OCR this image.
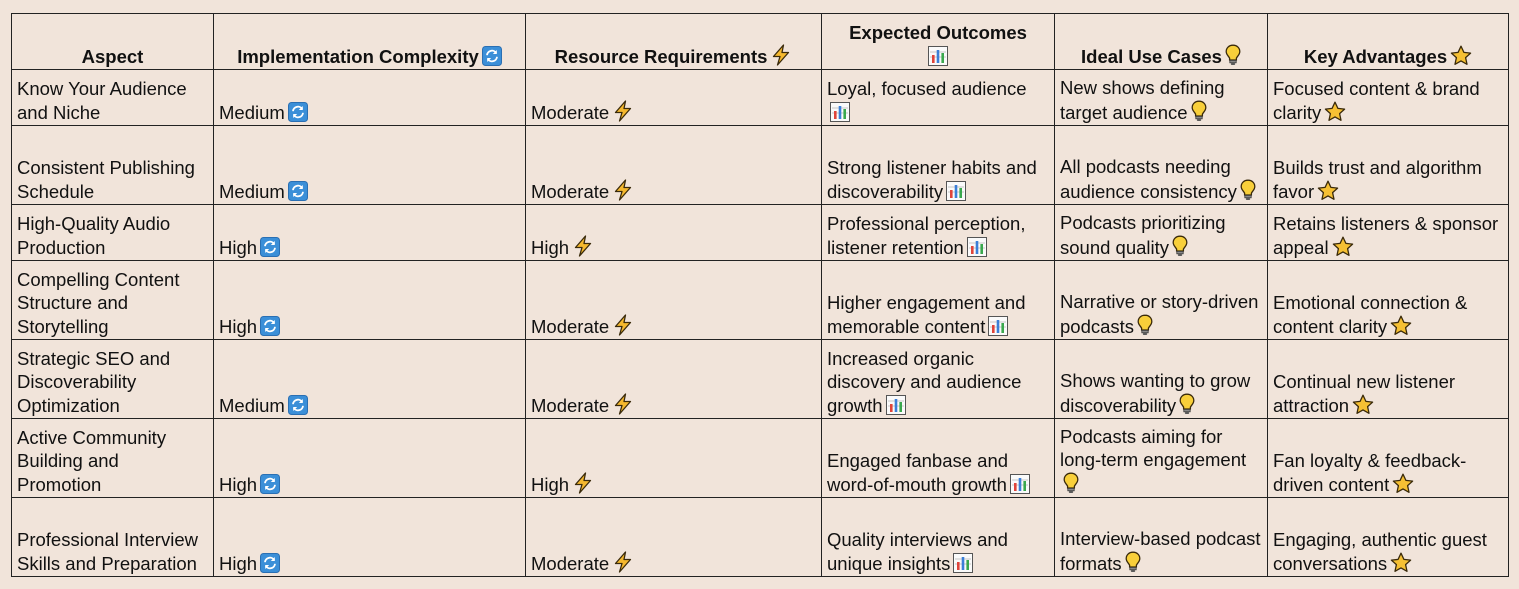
Aspect	Implementation Complexity	Resource Requirements	Expected Outcomes	Ideal Use Cases	Key Advantages

Know Your Audience and Niche	Medium	Moderate	Loyal, focused audience	New shows defining target audience	Focused content & brand clarity

Consistent Publishing Schedule	Medium	Moderate	Strong listener habits and discoverability	All podcasts needing audience consistency	Builds trust and algorithm favor

High-Quality Audio Production	High	High	Professional perception, listener retention	Podcasts prioritizing sound quality	Retains listeners & sponsor appeal

Compelling Content Structure and Storytelling	High	Moderate	Higher engagement and memorable content	Narrative or story-driven podcasts	Emotional connection & content clarity

Strategic SEO and Discoverability Optimization	Medium	Moderate	Increased organic discovery and audience growth	Shows wanting to grow discoverability	Continual new listener attraction

Active Community Building and Promotion	High	High	Engaged fanbase and word-of-mouth growth	Podcasts aiming for long-term engagement	Fan loyalty & feedback-driven content

Professional Interview Skills and Preparation	High	Moderate	Quality interviews and unique insights	Interview-based podcast formats	Engaging, authentic guest conversations
